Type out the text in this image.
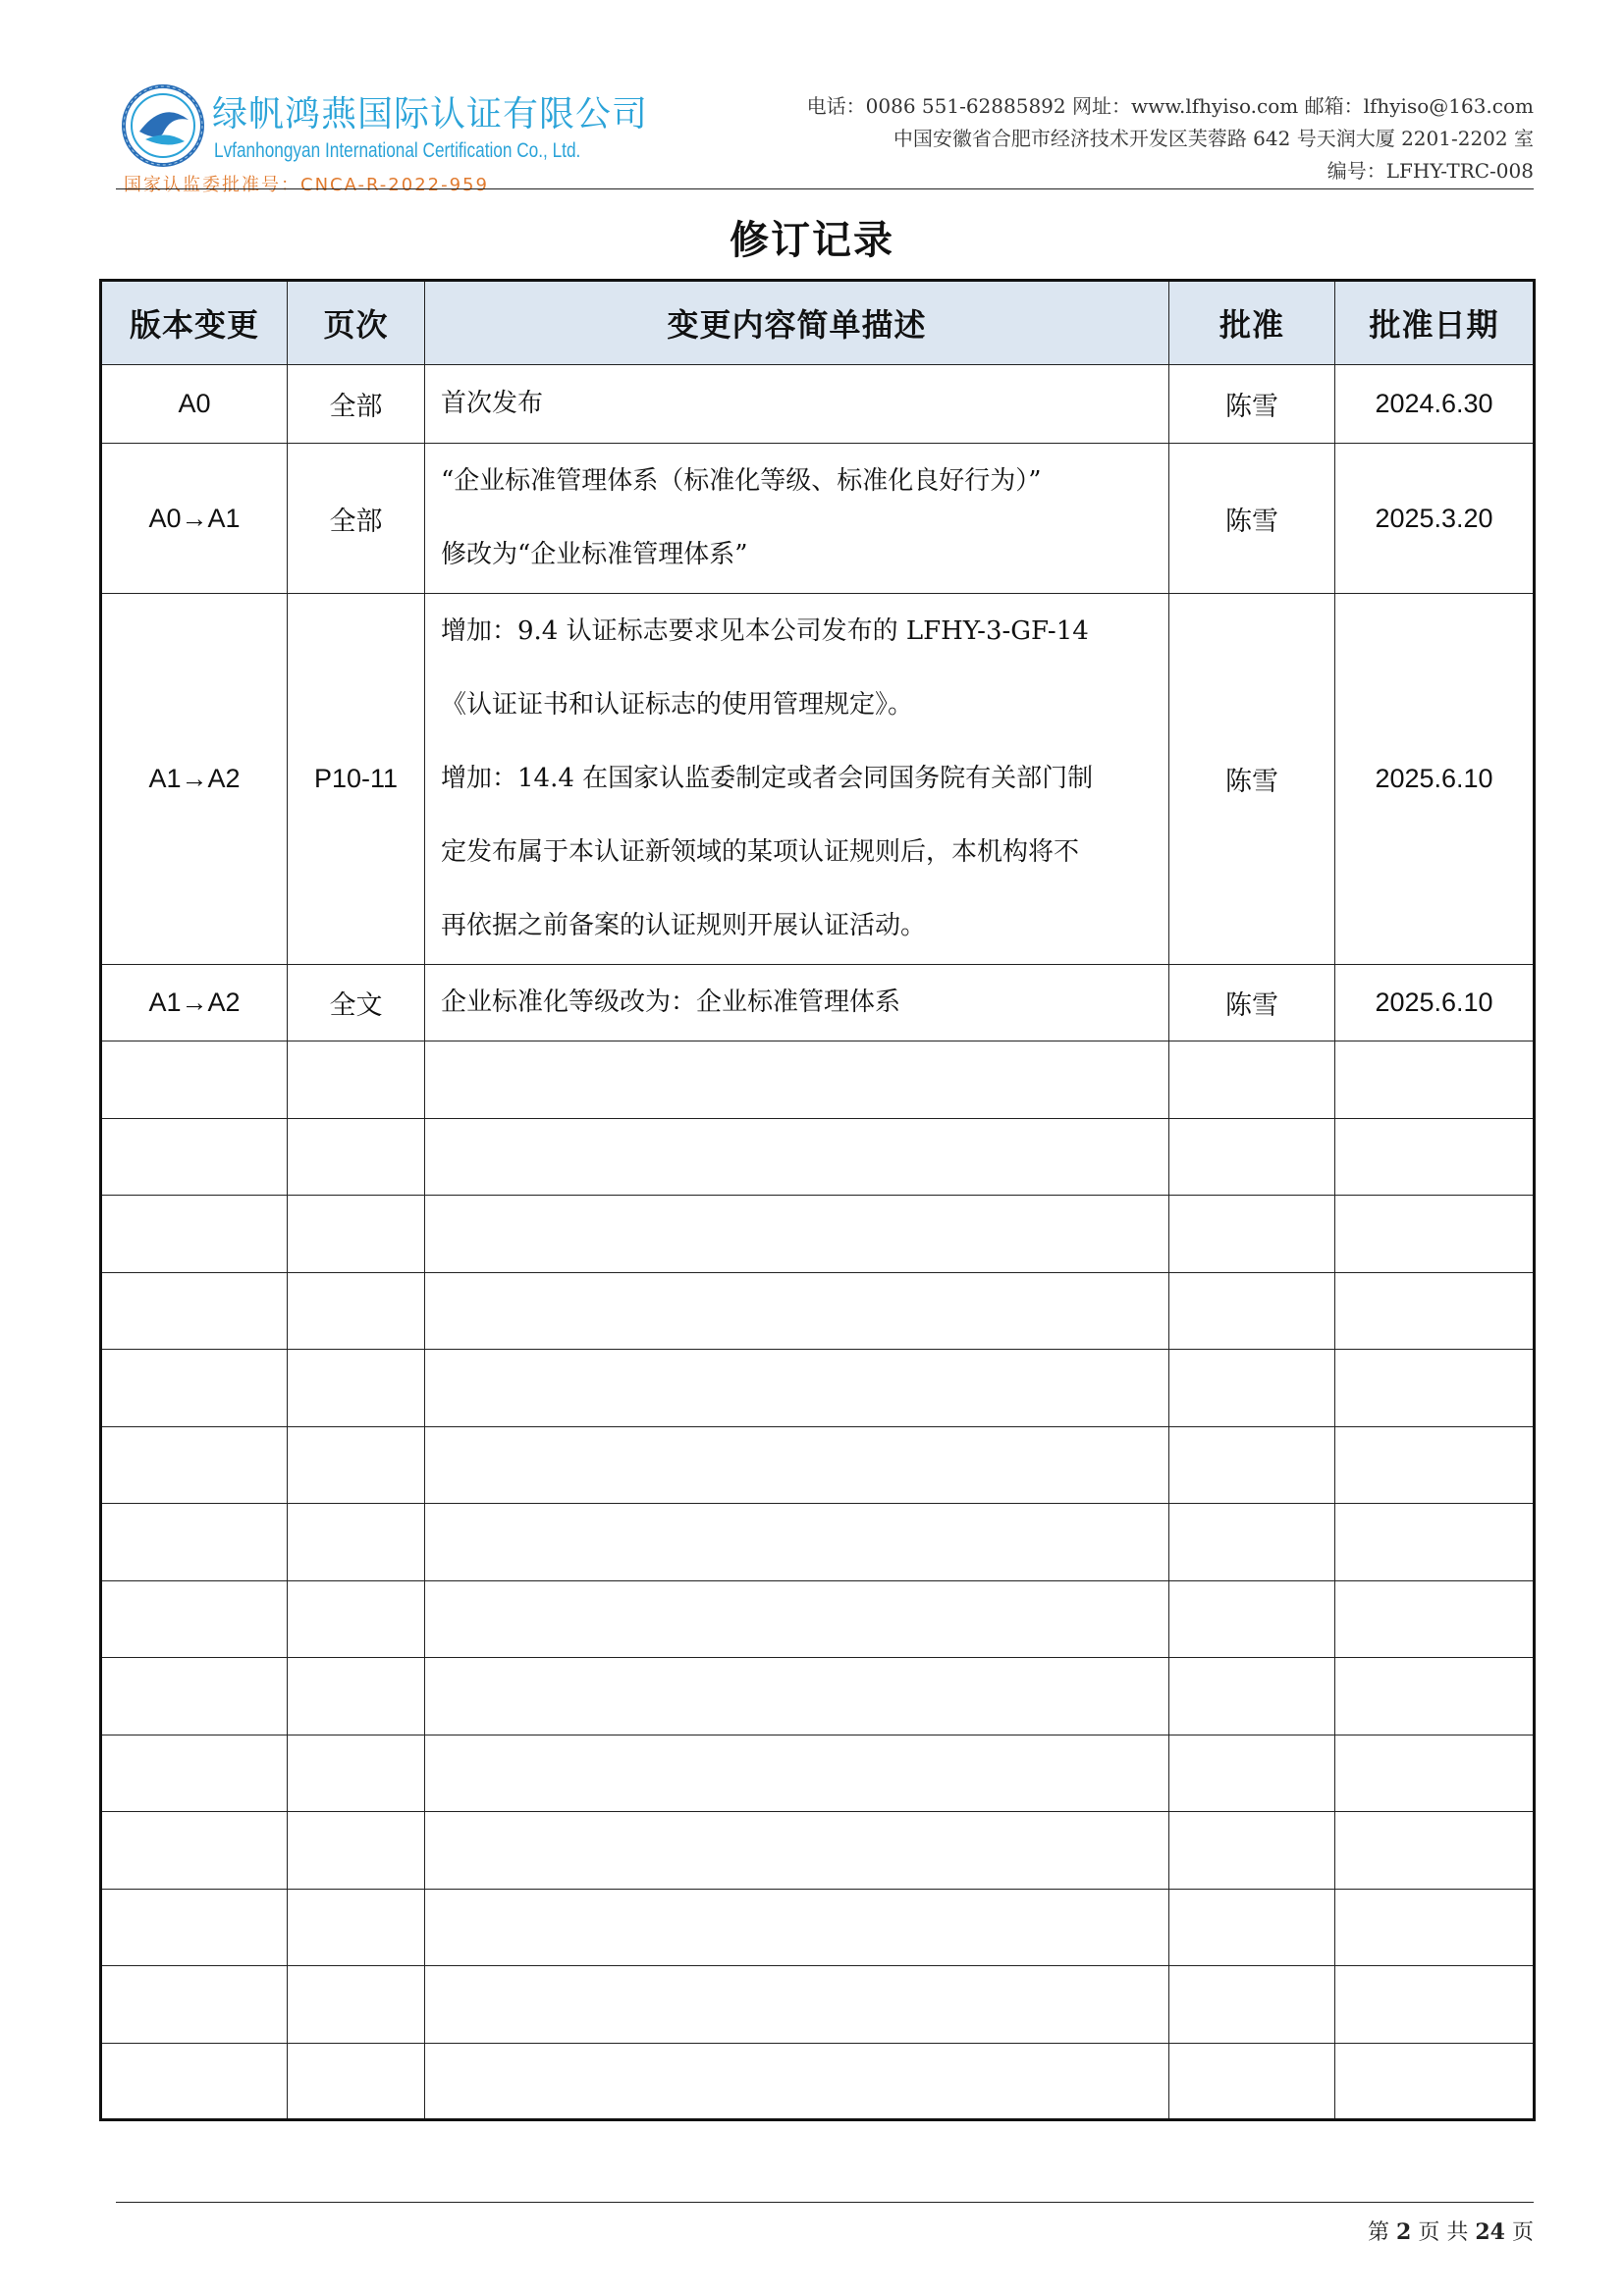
绿帆鸿燕国际认证有限公司
Lvfanhongyan International Certification Co., Ltd.
国家认监委批准号：CNCA-R-2022-959
电话：0086 551-62885892 网址：www.lfhyiso.com 邮箱：lfhyiso@163.com
中国安徽省合肥市经济技术开发区芙蓉路 642 号天润大厦 2201-2202 室
编号：LFHY-TRC-008
修订记录
版本变更	页次	变更内容简单描述	批准	批准日期
A0	全部	首次发布	陈雪	2024.6.30
A0→A1	全部	“企业标准管理体系（标准化等级、标准化良好行为）”
修改为“企业标准管理体系”	陈雪	2025.3.20
A1→A2	P10-11	增加：9.4 认证标志要求见本公司发布的 LFHY-3-GF-14
《认证证书和认证标志的使用管理规定》。
增加：14.4 在国家认监委制定或者会同国务院有关部门制
定发布属于本认证新领域的某项认证规则后，本机构将不
再依据之前备案的认证规则开展认证活动。	陈雪	2025.6.10
A1→A2	全文	企业标准化等级改为：企业标准管理体系	陈雪	2025.6.10

第 2 页 共 24 页
